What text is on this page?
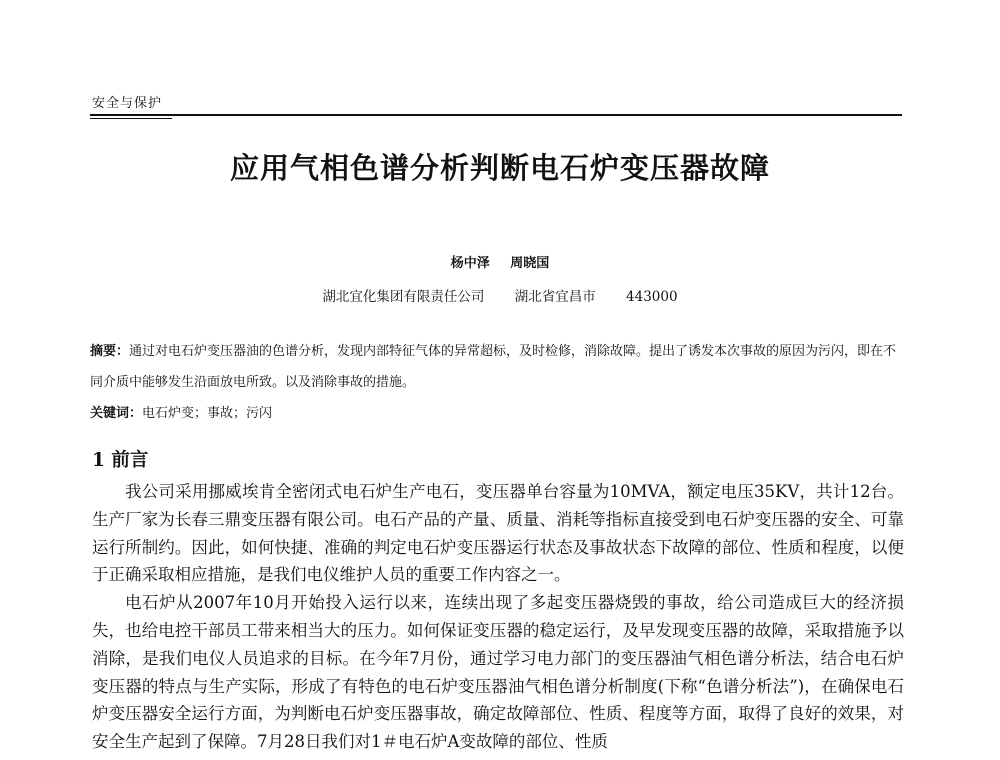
安全与保护
应用气相色谱分析判断电石炉变压器故障
杨中泽 周晓国
湖北宜化集团有限责任公司 湖北省宜昌市 443000

摘要：通过对电石炉变压器油的色谱分析，发现内部特征气体的异常超标，及时检修，消除故障。提出了诱发本次事故的原因为污闪，即在不同介质中能够发生沿面放电所致。以及消除事故的措施。

关键词：电石炉变；事故；污闪

1 前言

我公司采用挪威埃肯全密闭式电石炉生产电石，变压器单台容量为10MVA，额定电压35KV，共计12台。生产厂家为长春三鼎变压器有限公司。电石产品的产量、质量、消耗等指标直接受到电石炉变压器的安全、可靠运行所制约。因此，如何快捷、准确的判定电石炉变压器运行状态及事故状态下故障的部位、性质和程度，以便于正确采取相应措施，是我们电仪维护人员的重要工作内容之一。

电石炉从2007年10月开始投入运行以来，连续出现了多起变压器烧毁的事故，给公司造成巨大的经济损失，也给电控干部员工带来相当大的压力。如何保证变压器的稳定运行，及早发现变压器的故障，采取措施予以消除，是我们电仪人员追求的目标。在今年7月份，通过学习电力部门的变压器油气相色谱分析法，结合电石炉变压器的特点与生产实际，形成了有特色的电石炉变压器油气相色谱分析制度(下称“色谱分析法”)，在确保电石炉变压器安全运行方面，为判断电石炉变压器事故，确定故障部位、性质、程度等方面，取得了良好的效果，对安全生产起到了保障。7月28日我们对1＃电石炉A变故障的部位、性质
